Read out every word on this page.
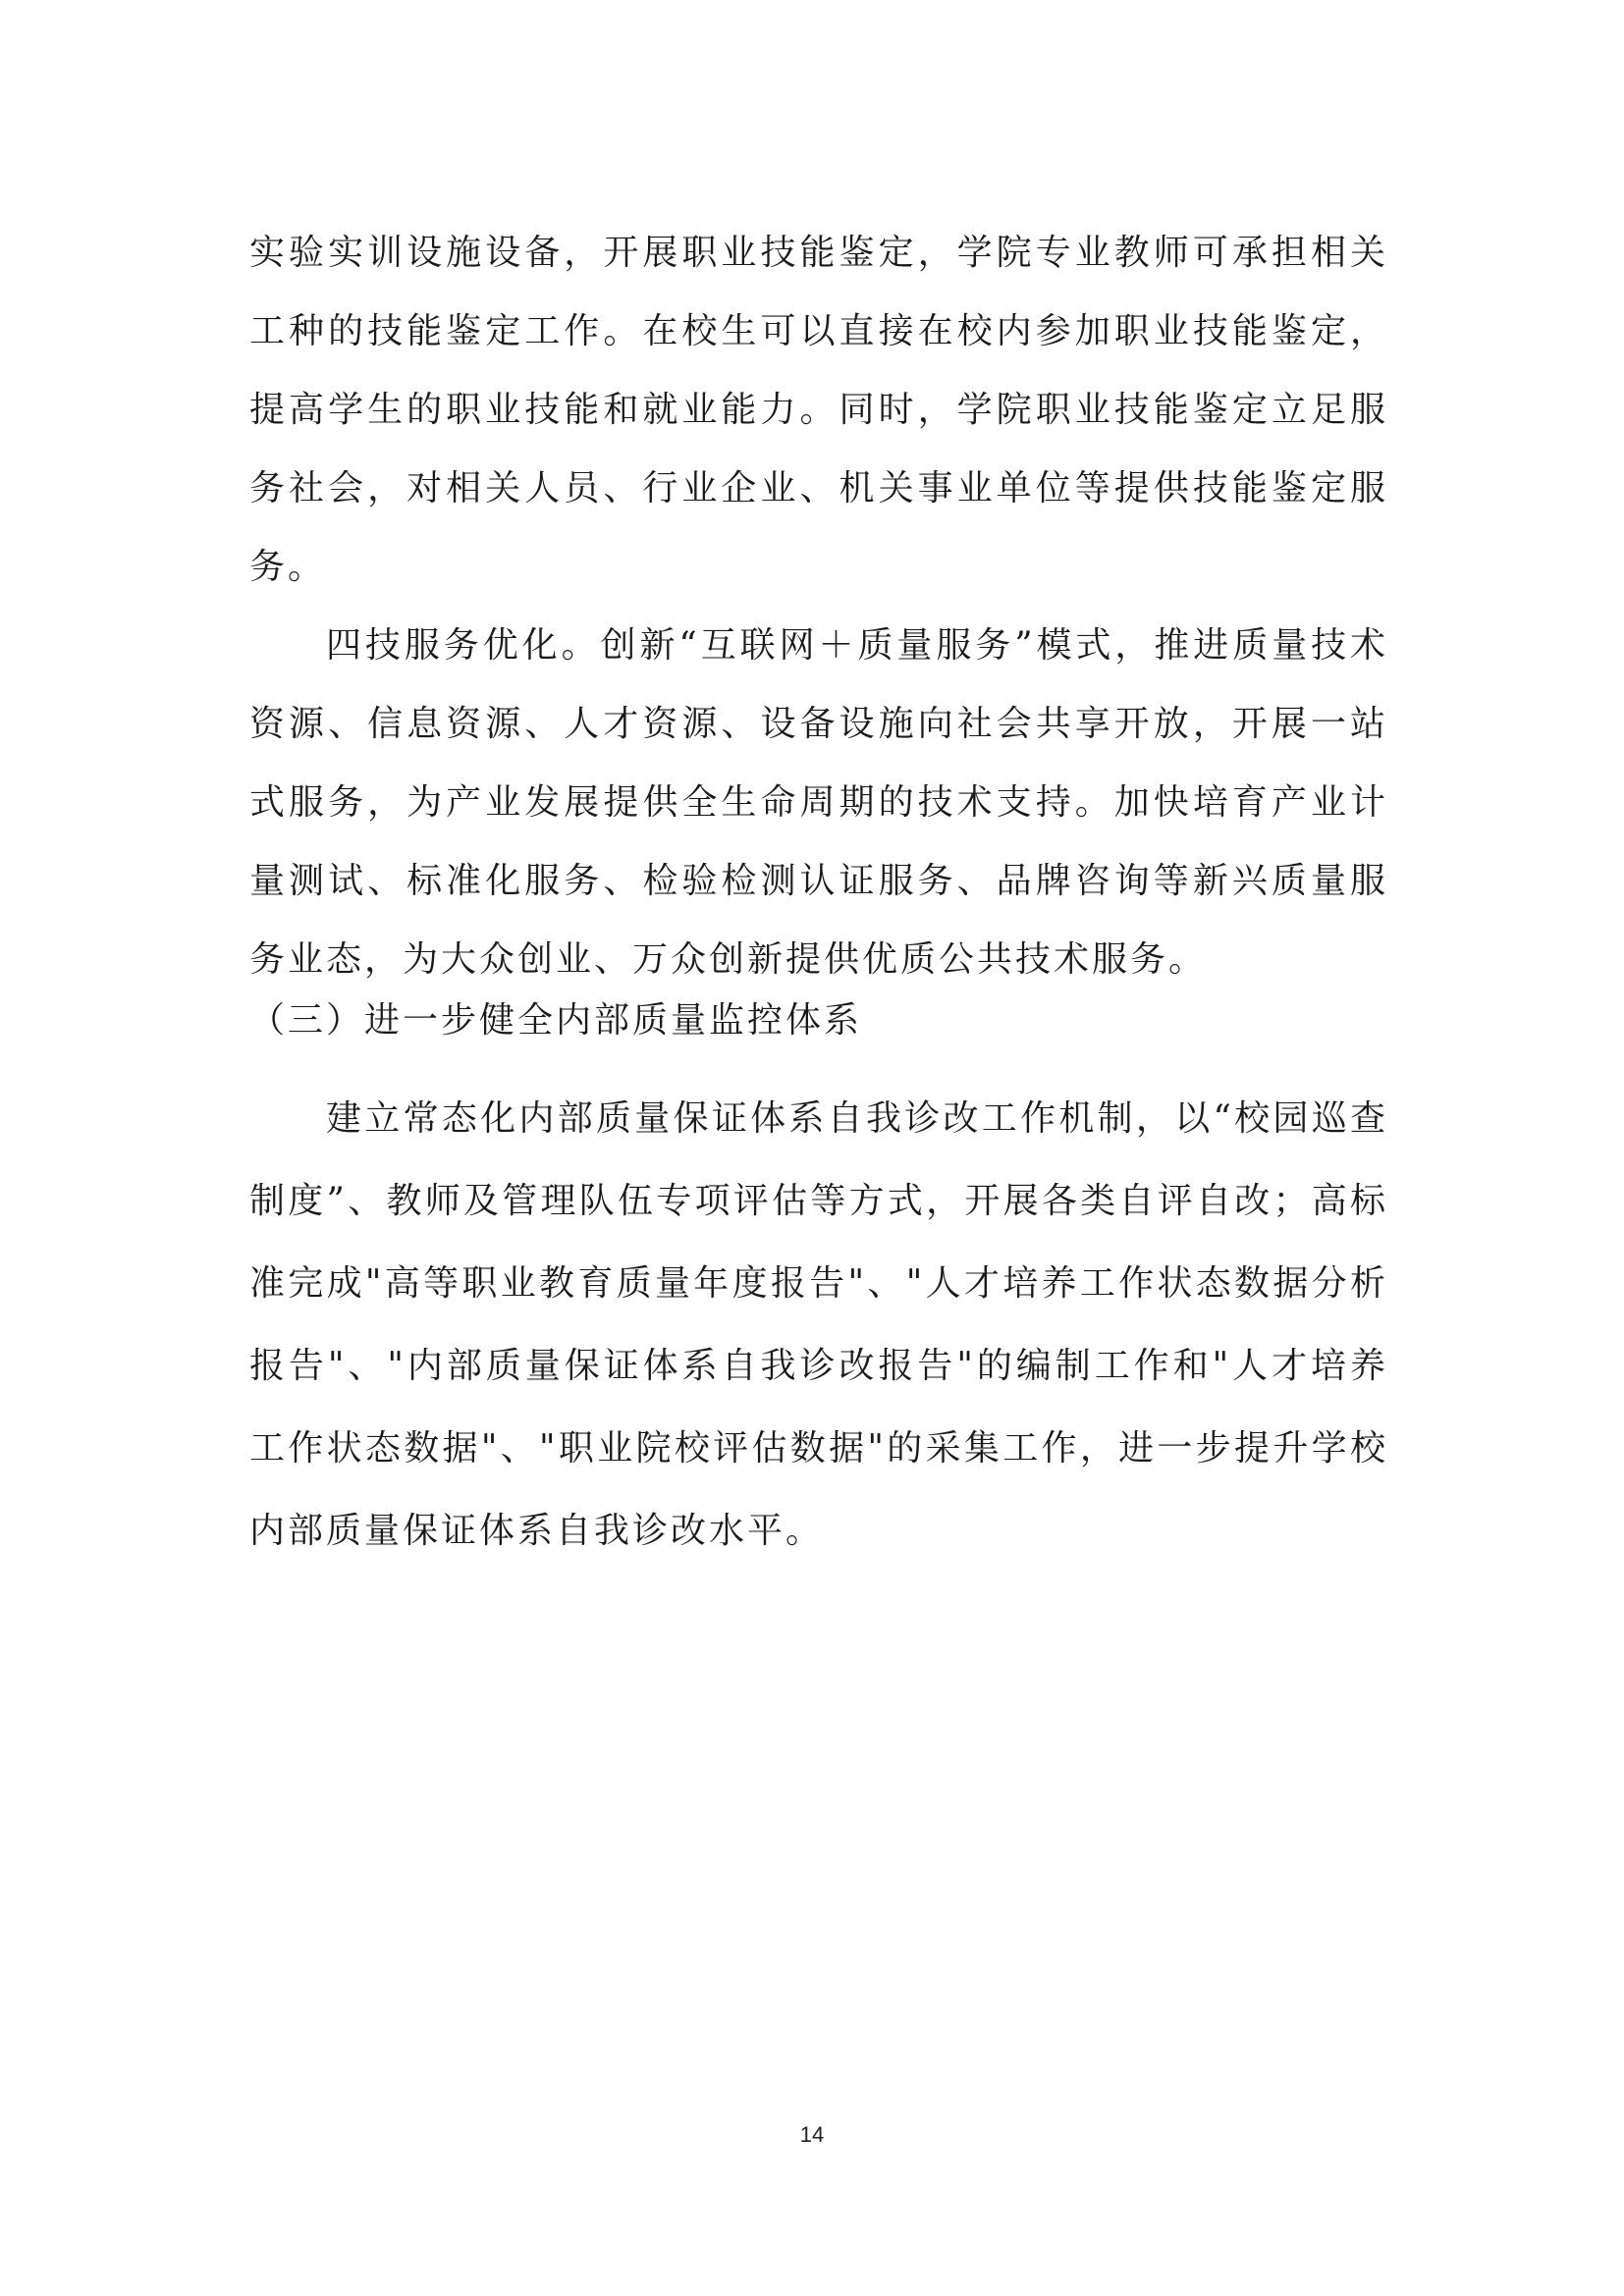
实验实训设施设备，开展职业技能鉴定，学院专业教师可承担相关工种的技能鉴定工作。在校生可以直接在校内参加职业技能鉴定，提高学生的职业技能和就业能力。同时，学院职业技能鉴定立足服务社会，对相关人员、行业企业、机关事业单位等提供技能鉴定服务。

四技服务优化。创新“互联网＋质量服务”模式，推进质量技术资源、信息资源、人才资源、设备设施向社会共享开放，开展一站式服务，为产业发展提供全生命周期的技术支持。加快培育产业计量测试、标准化服务、检验检测认证服务、品牌咨询等新兴质量服务业态，为大众创业、万众创新提供优质公共技术服务。

（三）进一步健全内部质量监控体系

建立常态化内部质量保证体系自我诊改工作机制，以“校园巡查制度”、教师及管理队伍专项评估等方式，开展各类自评自改；高标准完成"高等职业教育质量年度报告"、"人才培养工作状态数据分析报告"、"内部质量保证体系自我诊改报告"的编制工作和"人才培养工作状态数据"、"职业院校评估数据"的采集工作，进一步提升学校内部质量保证体系自我诊改水平。

14
